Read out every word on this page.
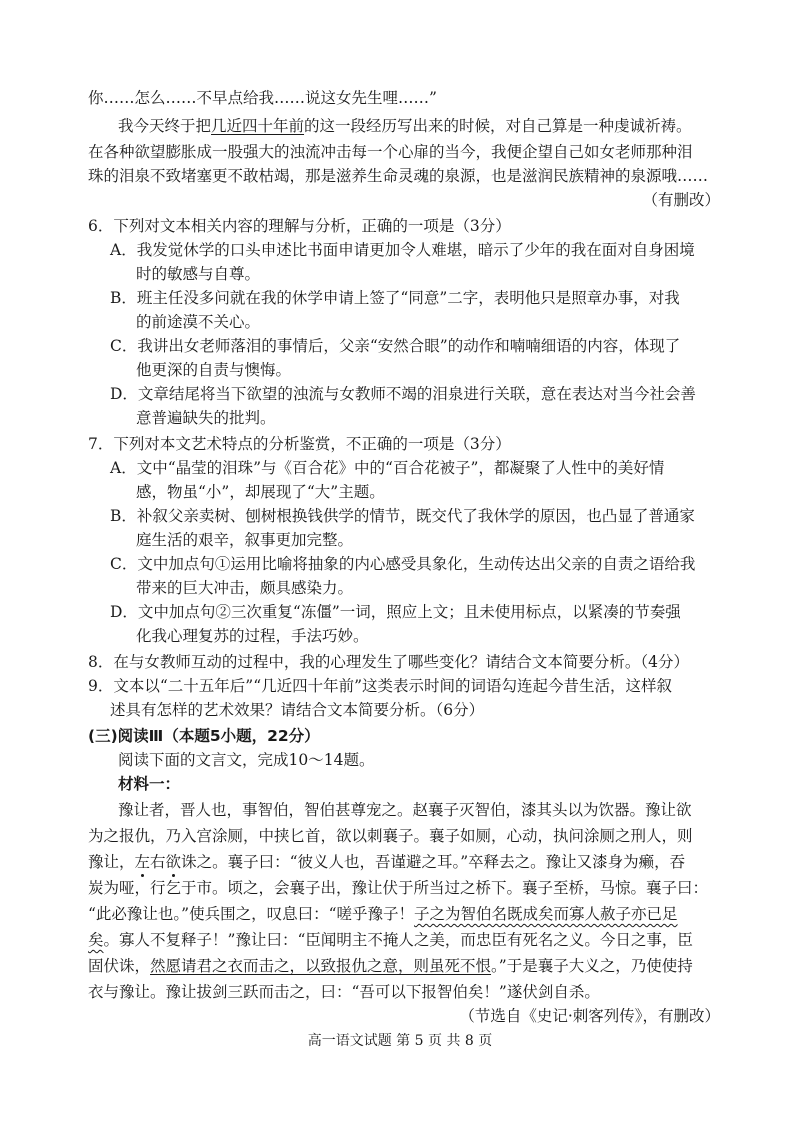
你……怎么……不早点给我……说这女先生哩……”
我今天终于把几近四十年前的这一段经历写出来的时候，对自己算是一种虔诚祈祷。
在各种欲望膨胀成一股强大的浊流冲击每一个心扉的当今，我便企望自己如女老师那种泪
珠的泪泉不致堵塞更不敢枯竭，那是滋养生命灵魂的泉源，也是滋润民族精神的泉源哦……
（有删改）
6．下列对文本相关内容的理解与分析，正确的一项是（3分）
A．我发觉休学的口头申述比书面申请更加令人难堪，暗示了少年的我在面对自身困境
时的敏感与自尊。
B．班主任没多问就在我的休学申请上签了“同意”二字，表明他只是照章办事，对我
的前途漠不关心。
C．我讲出女老师落泪的事情后，父亲“安然合眼”的动作和喃喃细语的内容，体现了
他更深的自责与懊悔。
D．文章结尾将当下欲望的浊流与女教师不竭的泪泉进行关联，意在表达对当今社会善
意普遍缺失的批判。
7．下列对本文艺术特点的分析鉴赏，不正确的一项是（3分）
A．文中“晶莹的泪珠”与《百合花》中的“百合花被子”，都凝聚了人性中的美好情
感，物虽“小”，却展现了“大”主题。
B．补叙父亲卖树、刨树根换钱供学的情节，既交代了我休学的原因，也凸显了普通家
庭生活的艰辛，叙事更加完整。
C．文中加点句①运用比喻将抽象的内心感受具象化，生动传达出父亲的自责之语给我
带来的巨大冲击，颇具感染力。
D．文中加点句②三次重复“冻僵”一词，照应上文；且未使用标点，以紧凑的节奏强
化我心理复苏的过程，手法巧妙。
8．在与女教师互动的过程中，我的心理发生了哪些变化？请结合文本简要分析。（4分）
9．文本以“二十五年后”“几近四十年前”这类表示时间的词语勾连起今昔生活，这样叙
述具有怎样的艺术效果？请结合文本简要分析。（6分）
(三)阅读Ⅲ（本题5小题，22分）
阅读下面的文言文，完成10～14题。
材料一：
豫让者，晋人也，事智伯，智伯甚尊宠之。赵襄子灭智伯，漆其头以为饮器。豫让欲
为之报仇，乃入宫涂厕，中挟匕首，欲以刺襄子。襄子如厕，心动，执问涂厕之刑人，则
豫让，左右欲诛之。襄子曰：“彼义人也，吾谨避之耳。”卒释去之。豫让又漆身为癞，吞
炭为哑，行乞于市。顷之，会襄子出，豫让伏于所当过之桥下。襄子至桥，马惊。襄子曰：
“此必豫让也。”使兵围之，叹息曰：“嗟乎豫子！子之为智伯名既成矣而寡人赦子亦已足
矣。寡人不复释子！”豫让曰：“臣闻明主不掩人之美，而忠臣有死名之义。今日之事，臣
固伏诛，然愿请君之衣而击之，以致报仇之意，则虽死不恨。”于是襄子大义之，乃使使持
衣与豫让。豫让拔剑三跃而击之，曰：“吾可以下报智伯矣！”遂伏剑自杀。
（节选自《史记·刺客列传》，有删改）
高一语文试题 第 5 页 共 8 页
